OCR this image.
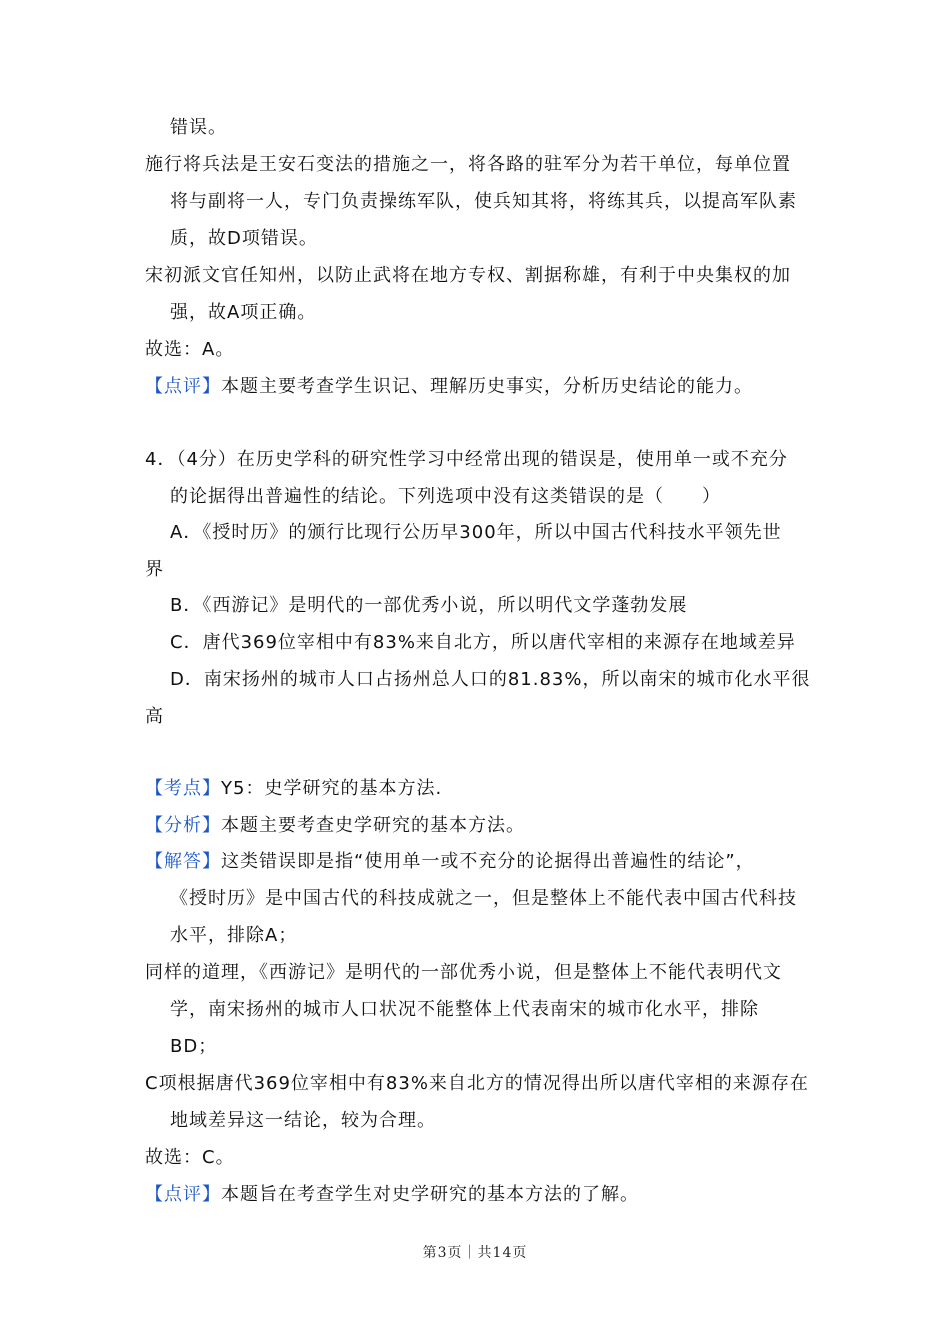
错误。
施行将兵法是王安石变法的措施之一，将各路的驻军分为若干单位，每单位置
将与副将一人，专门负责操练军队，使兵知其将，将练其兵，以提高军队素
质，故D项错误。
宋初派文官任知州，以防止武将在地方专权、割据称雄，有利于中央集权的加
强，故A项正确。
故选：A。
【点评】本题主要考查学生识记、理解历史事实，分析历史结论的能力。
4．（4分）在历史学科的研究性学习中经常出现的错误是，使用单一或不充分
的论据得出普遍性的结论。下列选项中没有这类错误的是（　　）
A．《授时历》的颁行比现行公历早300年，所以中国古代科技水平领先世
界
B．《西游记》是明代的一部优秀小说，所以明代文学蓬勃发展
C．唐代369位宰相中有83%来自北方，所以唐代宰相的来源存在地域差异
D．南宋扬州的城市人口占扬州总人口的81.83%，所以南宋的城市化水平很
高
【考点】Y5：史学研究的基本方法.
【分析】本题主要考查史学研究的基本方法。
【解答】这类错误即是指“使用单一或不充分的论据得出普遍性的结论”，
《授时历》是中国古代的科技成就之一，但是整体上不能代表中国古代科技
水平，排除A；
同样的道理，《西游记》是明代的一部优秀小说，但是整体上不能代表明代文
学，南宋扬州的城市人口状况不能整体上代表南宋的城市化水平，排除
BD；
C项根据唐代369位宰相中有83%来自北方的情况得出所以唐代宰相的来源存在
地域差异这一结论，较为合理。
故选：C。
【点评】本题旨在考查学生对史学研究的基本方法的了解。
第3页｜共14页
